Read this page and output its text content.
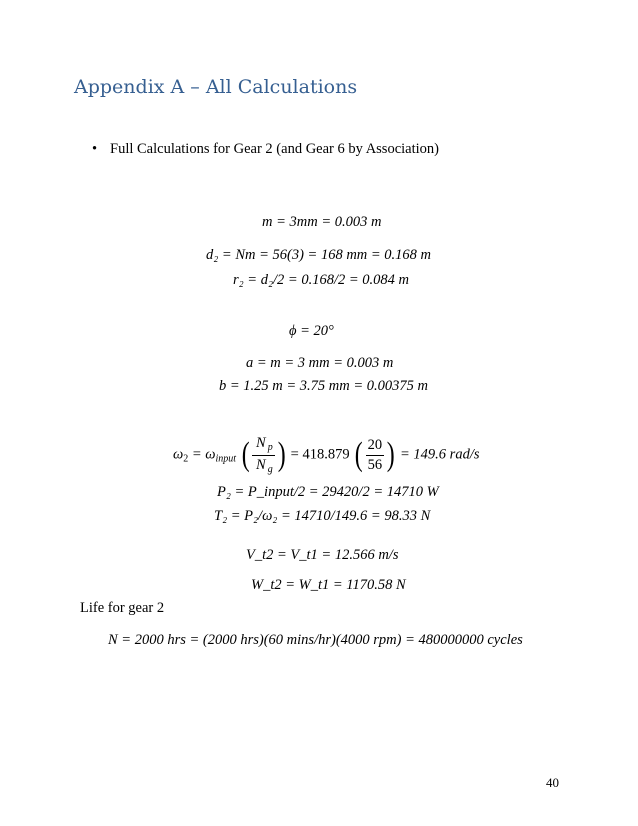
Appendix A – All Calculations
• Full Calculations for Gear 2 (and Gear 6 by Association)
m = 3mm = 0.003 m
d₂ = Nm = 56(3) = 168 mm = 0.168 m
r₂ = d₂/2 = 0.168/2 = 0.084 m
ϕ = 20°
a = m = 3 mm = 0.003 m
b = 1.25 m = 3.75 mm = 0.00375 m
$\omega_2 = \omega_{input}$ ( $\frac{N _p}{N _g}$ ) = 418.879 ( $\frac{20}{56}$ ) = 149.6 rad/s
P₂ = P_input/2 = 29420/2 = 14710 W
T₂ = P₂/ω₂ = 14710/149.6 = 98.33 N
V_t2 = V_t1 = 12.566 m/s
W_t2 = W_t1 = 1170.58 N
Life for gear 2
N = 2000 hrs = (2000 hrs)(60 mins/hr)(4000 rpm) = 480000000 cycles
40
